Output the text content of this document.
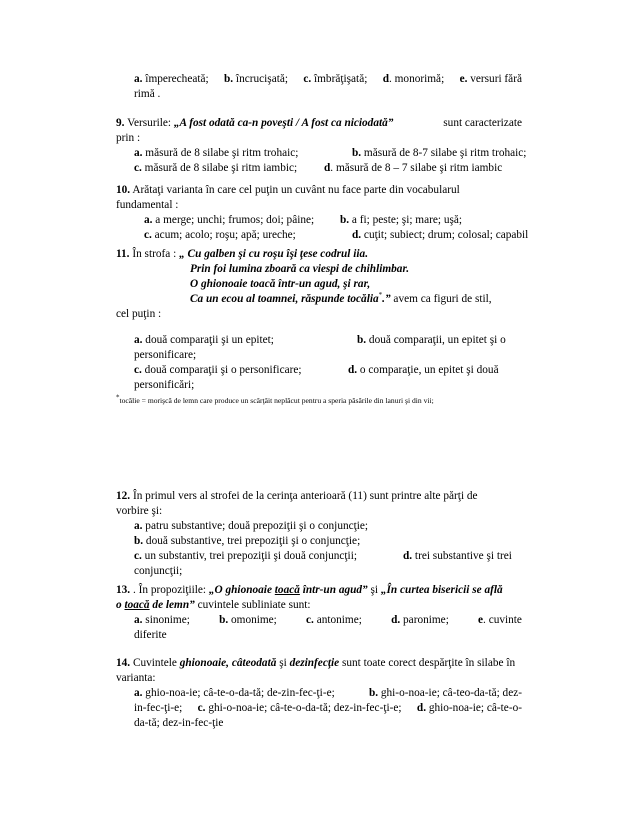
a. împerecheată; b. încrucişată; c. îmbrăţişată; d. monorimă; e. versuri fără
rimă .
9. Versurile: „A fost odată ca-n poveşti / A fost ca niciodată”	sunt caracterizate
prin :
a. măsură de 8 silabe şi ritm trohaic;	b. măsură de 8-7 silabe şi ritm trohaic;
c. măsură de 8 silabe şi ritm iambic; d. măsură de 8 – 7 silabe şi ritm iambic
10. Arătaţi varianta în care cel puţin un cuvânt nu face parte din vocabularul
fundamental :
a. a merge; unchi; frumos; doi; pâine; b. a fi; peste; şi; mare; uşă;
c. acum; acolo; roşu; apă; ureche;	d. cuţit; subiect; drum; colosal; capabil
11. În strofa : „ Cu galben şi cu roşu îşi ţese codrul iia.
Prin foi lumina zboară ca viespi de chihlimbar.
O ghionoaie toacă într-un agud, şi rar,
Ca un ecou al toamnei, răspunde tocălia*.” avem ca figuri de stil,
cel puţin :
a. două comparaţii şi un epitet;	b. două comparaţii, un epitet şi o
personificare;
c. două comparaţii şi o personificare;	d. o comparaţie, un epitet şi două
personificări;
*tocălie = morişcă de lemn care produce un scârţâit neplăcut pentru a speria păsările din lanuri şi din vii;
12. În primul vers al strofei de la cerinţa anterioară (11) sunt printre alte părţi de
vorbire şi:
a. patru substantive; două prepoziţii şi o conjuncţie;
b. două substantive, trei prepoziţii şi o conjuncţie;
c. un substantiv, trei prepoziţii şi două conjuncţii;	d. trei substantive şi trei
conjuncţii;
13. . În propoziţiile: „O ghionoaie toacă într-un agud” şi „În curtea bisericii se află
o toacă de lemn” cuvintele subliniate sunt:
a. sinonime;	b. omonime;	c. antonime;	d. paronime;	e. cuvinte
diferite
14. Cuvintele ghionoaie, câteodată şi dezinfecţie sunt toate corect despărţite în silabe în
varianta:
a. ghio-noa-ie; câ-te-o-da-tă; de-zin-fec-ţi-e;	b. ghi-o-noa-ie; câ-teo-da-tă; dez-
in-fec-ţi-e; c. ghi-o-noa-ie; câ-te-o-da-tă; dez-in-fec-ţi-e; d. ghio-noa-ie; câ-te-o-
da-tă; dez-in-fec-ţie
